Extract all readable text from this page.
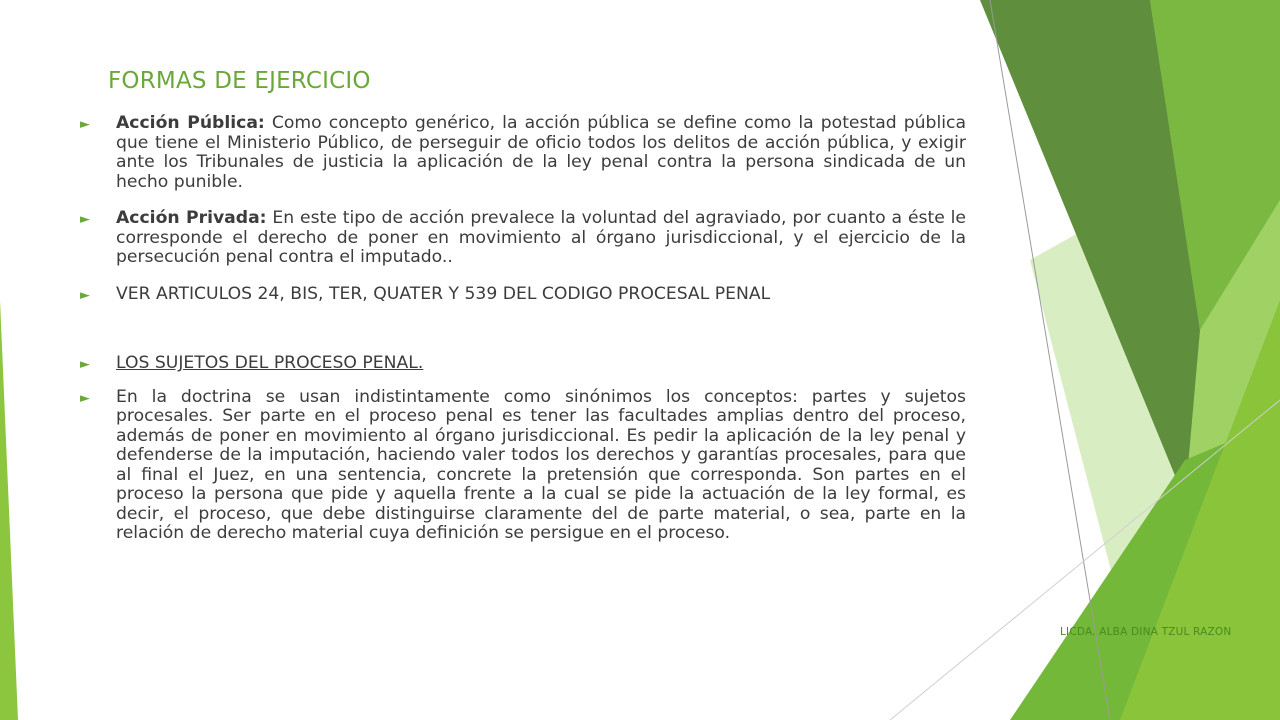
FORMAS DE EJERCICIO
► Acción Pública: Como concepto genérico, la acción pública se define como la potestad pública que tiene el Ministerio Público, de perseguir de oficio todos los delitos de acción pública, y exigir ante los Tribunales de justicia la aplicación de la ley penal contra la persona sindicada de un hecho punible.
► Acción Privada: En este tipo de acción prevalece la voluntad del agraviado, por cuanto a éste le corresponde el derecho de poner en movimiento al órgano jurisdiccional, y el ejercicio de la persecución penal contra el imputado..
► VER ARTICULOS 24, BIS, TER, QUATER Y 539 DEL CODIGO PROCESAL PENAL
► LOS SUJETOS DEL PROCESO PENAL.
► En la doctrina se usan indistintamente como sinónimos los conceptos: partes y sujetos procesales. Ser parte en el proceso penal es tener las facultades amplias dentro del proceso, además de poner en movimiento al órgano jurisdiccional. Es pedir la aplicación de la ley penal y defenderse de la imputación, haciendo valer todos los derechos y garantías procesales, para que al final el Juez, en una sentencia, concrete la pretensión que corresponda. Son partes en el proceso la persona que pide y aquella frente a la cual se pide la actuación de la ley formal, es decir, el proceso, que debe distinguirse claramente del de parte material, o sea, parte en la relación de derecho material cuya definición se persigue en el proceso.
LICDA. ALBA DINA TZUL RAZON
